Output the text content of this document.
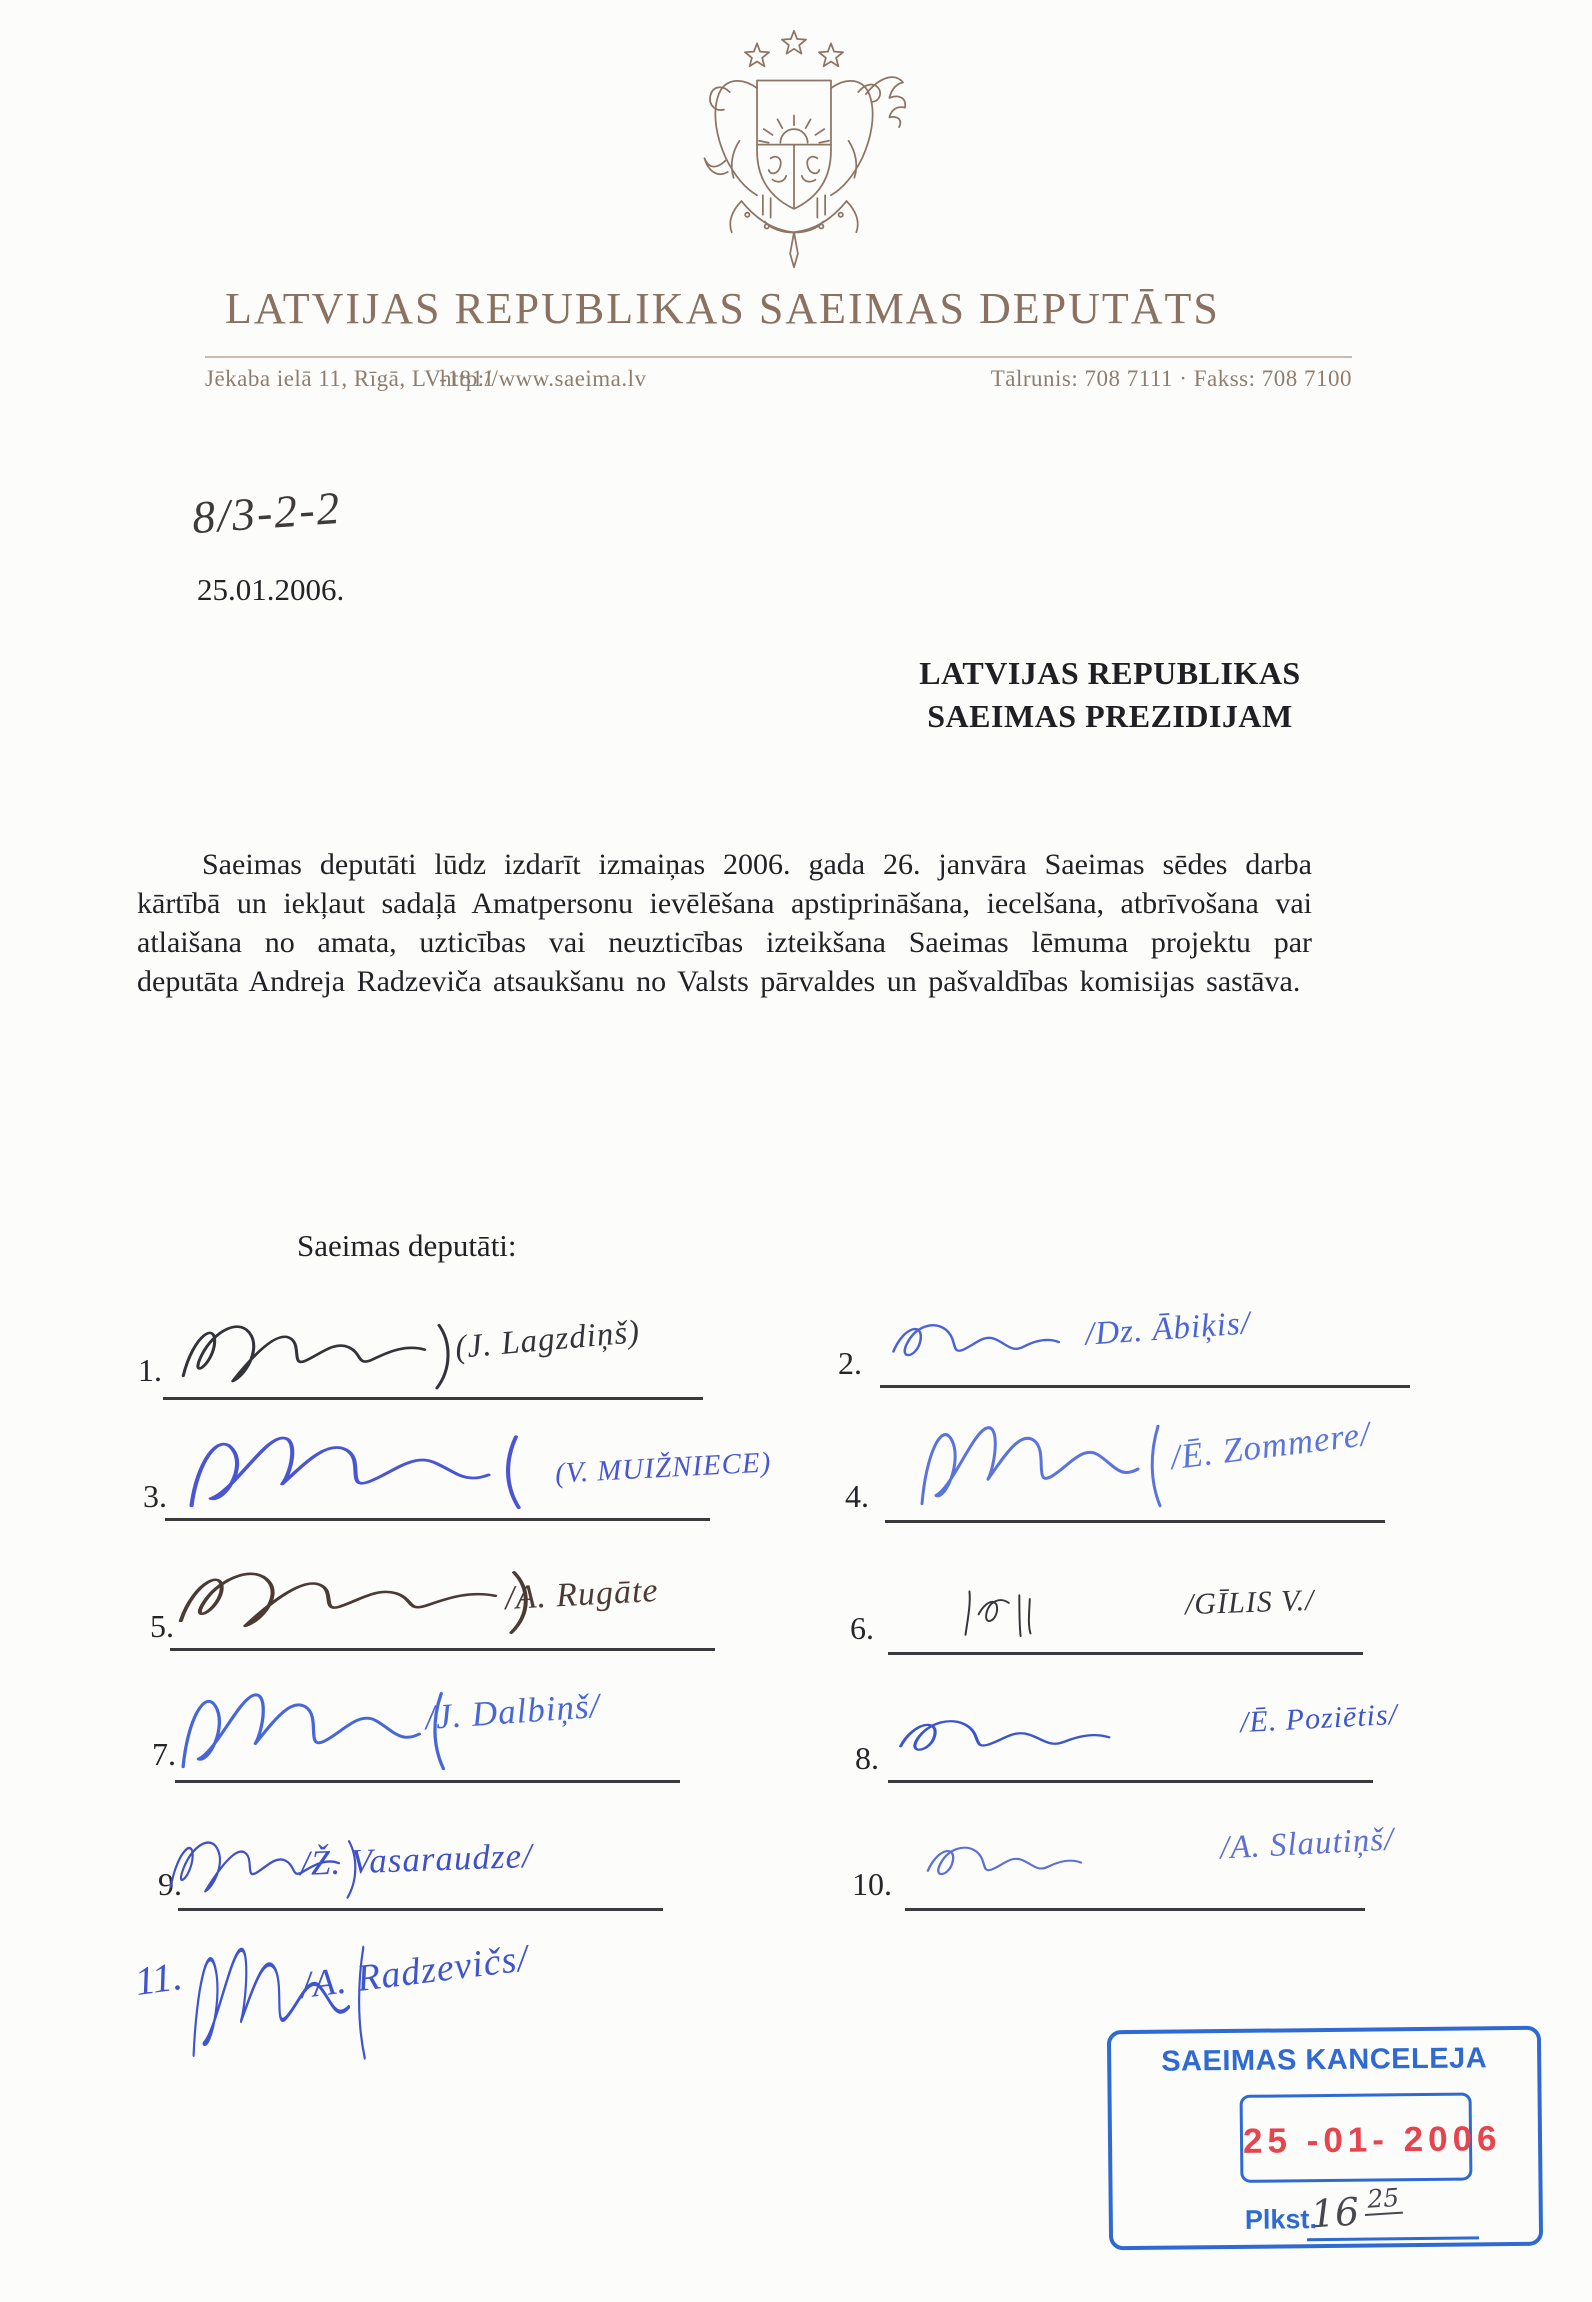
LATVIJAS REPUBLIKAS SAEIMAS DEPUTĀTS
Jēkaba ielā 11, Rīgā, LV-1811
http://www.saeima.lv	Tālrunis: 708 7111 · Fakss: 708 7100
8/3-2-2
25.01.2006.
LATVIJAS REPUBLIKAS
SAEIMAS PREZIDIJAM
Saeimas deputāti lūdz izdarīt izmaiņas 2006. gada 26. janvāra Saeimas sēdes darba kārtībā un iekļaut sadaļā Amatpersonu ievēlēšana apstiprināšana, iecelšana, atbrīvošana vai atlaišana no amata, uzticības vai neuzticības izteikšana Saeimas lēmuma projektu par deputāta Andreja Radzeviča atsaukšanu no Valsts pārvaldes un pašvaldības komisijas sastāva.
Saeimas deputāti:
1.
(J. Lagzdiņš)	2.
/Dz. Ābiķis/
3.
(V. MUIŽNIECE)
4.
/Ē. Zommere/
5.
/A. Rugāte
6.
/GĪLIS V./
7.
/J. Dalbiņš/
8.
/Ē. Poziētis/
9.
/Ž. Vasaraudze/
10.
/A. Slautiņš/
11.	/A. Radzevičs/
SAEIMAS KANCELEJA
25 -01- 2006
Plkst.
16 25
